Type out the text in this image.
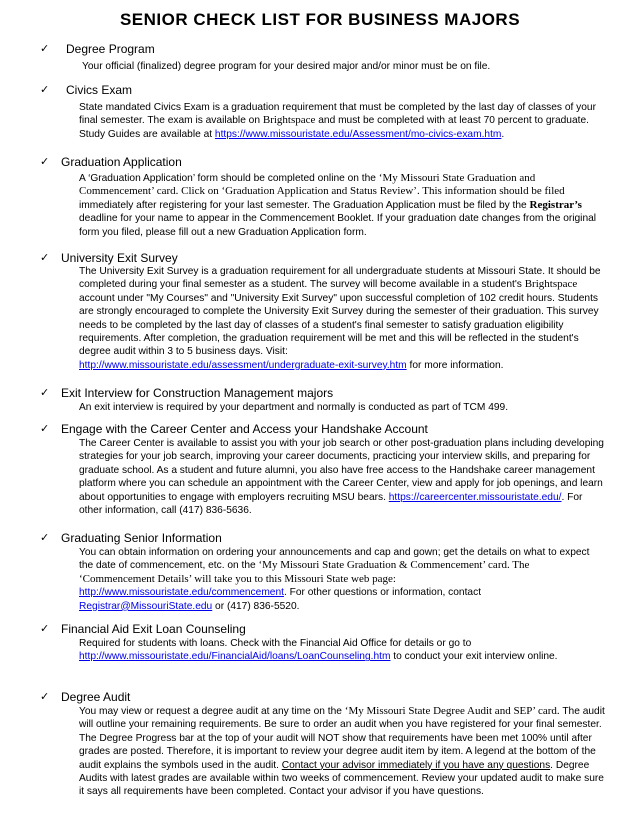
SENIOR CHECK LIST FOR BUSINESS MAJORS
✓ Degree Program

Your official (finalized) degree program for your desired major and/or minor must be on file.

✓ Civics Exam

State mandated Civics Exam is a graduation requirement that must be completed by the last day of classes of your final semester. The exam is available on Brightspace and must be completed with at least 70 percent to graduate. Study Guides are available at https://www.missouristate.edu/Assessment/mo-civics-exam.htm.

✓ Graduation Application

A ‘Graduation Application’ form should be completed online on the ‘My Missouri State Graduation and Commencement’ card. Click on ‘Graduation Application and Status Review’. This information should be filed immediately after registering for your last semester. The Graduation Application must be filed by the Registrar’s deadline for your name to appear in the Commencement Booklet. If your graduation date changes from the original form you filed, please fill out a new Graduation Application form.

✓ University Exit Survey

The University Exit Survey is a graduation requirement for all undergraduate students at Missouri State. It should be completed during your final semester as a student. The survey will become available in a student's Brightspace account under "My Courses" and "University Exit Survey" upon successful completion of 102 credit hours. Students are strongly encouraged to complete the University Exit Survey during the semester of their graduation. This survey needs to be completed by the last day of classes of a student's final semester to satisfy graduation eligibility requirements. After completion, the graduation requirement will be met and this will be reflected in the student's degree audit within 3 to 5 business days. Visit:

http://www.missouristate.edu/assessment/undergraduate-exit-survey.htm for more information.

✓ Exit Interview for Construction Management majors

An exit interview is required by your department and normally is conducted as part of TCM 499.

✓ Engage with the Career Center and Access your Handshake Account

The Career Center is available to assist you with your job search or other post-graduation plans including developing strategies for your job search, improving your career documents, practicing your interview skills, and preparing for graduate school. As a student and future alumni, you also have free access to the Handshake career management platform where you can schedule an appointment with the Career Center, view and apply for job openings, and learn about opportunities to engage with employers recruiting MSU bears. https://careercenter.missouristate.edu/. For other information, call (417) 836-5636.

✓ Graduating Senior Information

You can obtain information on ordering your announcements and cap and gown; get the details on what to expect the date of commencement, etc. on the ‘My Missouri State Graduation & Commencement’ card. The ‘Commencement Details’ will take you to this Missouri State web page:
http://www.missouristate.edu/commencement. For other questions or information, contact Registrar@MissouriState.edu or (417) 836-5520.

✓ Financial Aid Exit Loan Counseling

Required for students with loans. Check with the Financial Aid Office for details or go to http://www.missouristate.edu/FinancialAid/loans/LoanCounseling.htm to conduct your exit interview online.

✓ Degree Audit

You may view or request a degree audit at any time on the ‘My Missouri State Degree Audit and SEP’ card. The audit will outline your remaining requirements. Be sure to order an audit when you have registered for your final semester. The Degree Progress bar at the top of your audit will NOT show that requirements have been met 100% until after grades are posted. Therefore, it is important to review your degree audit item by item. A legend at the bottom of the audit explains the symbols used in the audit. Contact your advisor immediately if you have any questions. Degree Audits with latest grades are available within two weeks of commencement. Review your updated audit to make sure it says all requirements have been completed. Contact your advisor if you have questions.
